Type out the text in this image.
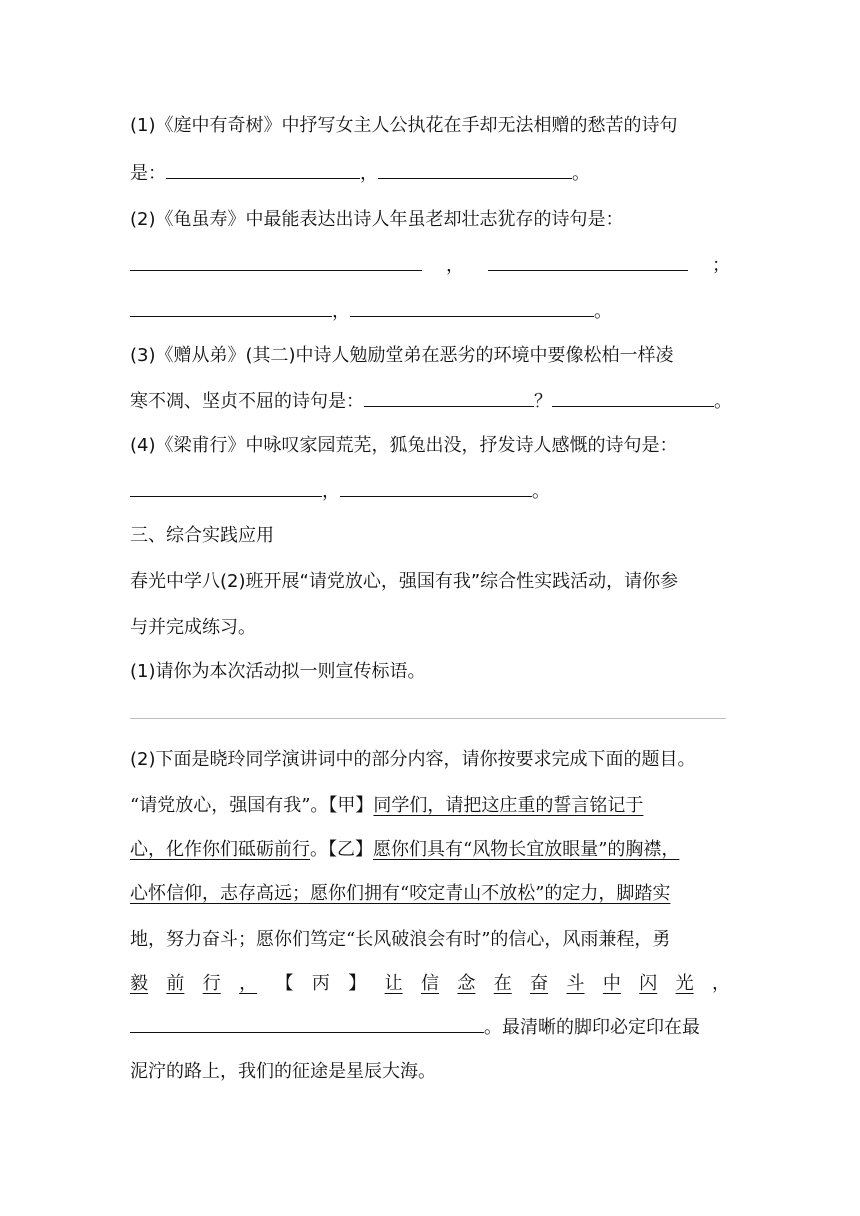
(1)《庭中有奇树》中抒写女主人公执花在手却无法相赠的愁苦的诗句
是：	，	。
(2)《龟虽寿》中最能表达出诗人年虽老却壮志犹存的诗句是：
，	；
，	。
(3)《赠从弟》(其二)中诗人勉励堂弟在恶劣的环境中要像松柏一样凌
寒不凋、坚贞不屈的诗句是：	？	。
(4)《梁甫行》中咏叹家园荒芜，狐兔出没，抒发诗人感慨的诗句是：
，	。
三、综合实践应用
春光中学八(2)班开展“请党放心，强国有我”综合性实践活动，请你参
与并完成练习。
(1)请你为本次活动拟一则宣传标语。
(2)下面是晓玲同学演讲词中的部分内容，请你按要求完成下面的题目。
“请党放心，强国有我”。【甲】同学们，请把这庄重的誓言铭记于
心，化作你们砥砺前行。【乙】愿你们具有“风物长宜放眼量”的胸襟，
心怀信仰，志存高远；愿你们拥有“咬定青山不放松”的定力，脚踏实
地，努力奋斗；愿你们笃定“长风破浪会有时”的信心，风雨兼程，勇
毅 前 行 ， 【 丙 】 让 信 念 在 奋 斗 中 闪 光 ，
。最清晰的脚印必定印在最
泥泞的路上，我们的征途是星辰大海。
